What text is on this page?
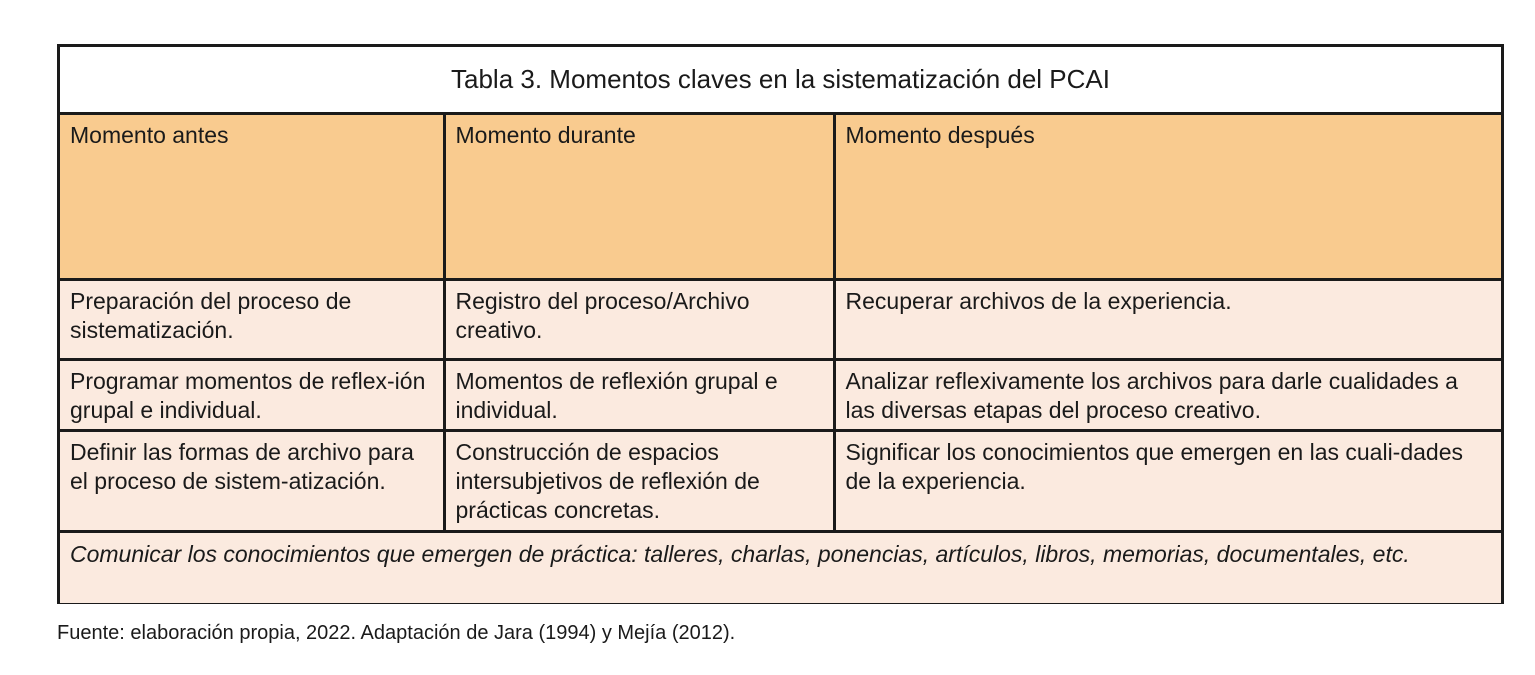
Tabla 3. Momentos claves en la sistematización del PCAI		
Momento antes	Momento durante	Momento después
Preparación del proceso de sistematización.	Registro del proceso/Archivo creativo.	Recuperar archivos de la experiencia.
Programar momentos de reflex-ión grupal e individual.	Momentos de reflexión grupal e individual.	Analizar reflexivamente los archivos para darle cualidades a las diversas etapas del proceso creativo.
Definir las formas de archivo para el proceso de sistem-atización.	Construcción de espacios intersubjetivos de reflexión de prácticas concretas.	Significar los conocimientos que emergen en las cuali-dades de la experiencia.
Comunicar los conocimientos que emergen de práctica: talleres, charlas, ponencias, artículos, libros, memorias, documentales, etc.		
Fuente: elaboración propia, 2022. Adaptación de Jara (1994) y Mejía (2012).
